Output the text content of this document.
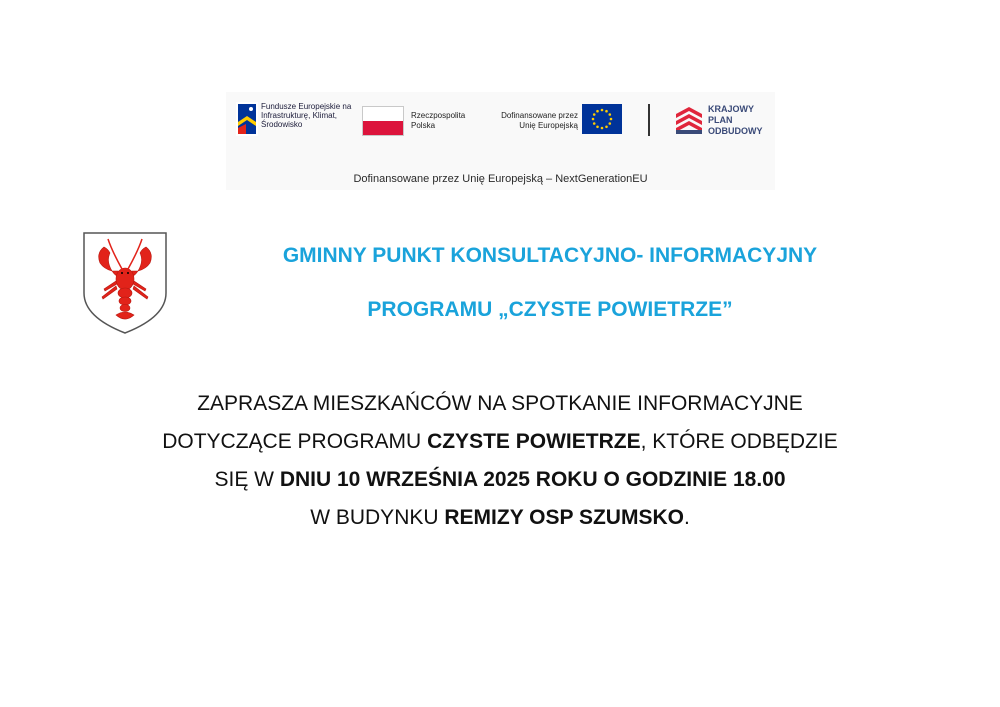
Fundusze Europejskie na Infrastrukturę, Klimat, Środowisko
Rzeczpospolita
Polska
Dofinansowane przez
Unię Europejską
KRAJOWY
PLAN
ODBUDOWY
Dofinansowane przez Unię Europejską – NextGenerationEU
GMINNY PUNKT KONSULTACYJNO- INFORMACYJNY
PROGRAMU „CZYSTE POWIETRZE”
ZAPRASZA MIESZKAŃCÓW NA SPOTKANIE INFORMACYJNE
DOTYCZĄCE PROGRAMU CZYSTE POWIETRZE, KTÓRE ODBĘDZIE
SIĘ W DNIU 10 WRZEŚNIA 2025 ROKU O GODZINIE 18.00
W BUDYNKU REMIZY OSP SZUMSKO.
